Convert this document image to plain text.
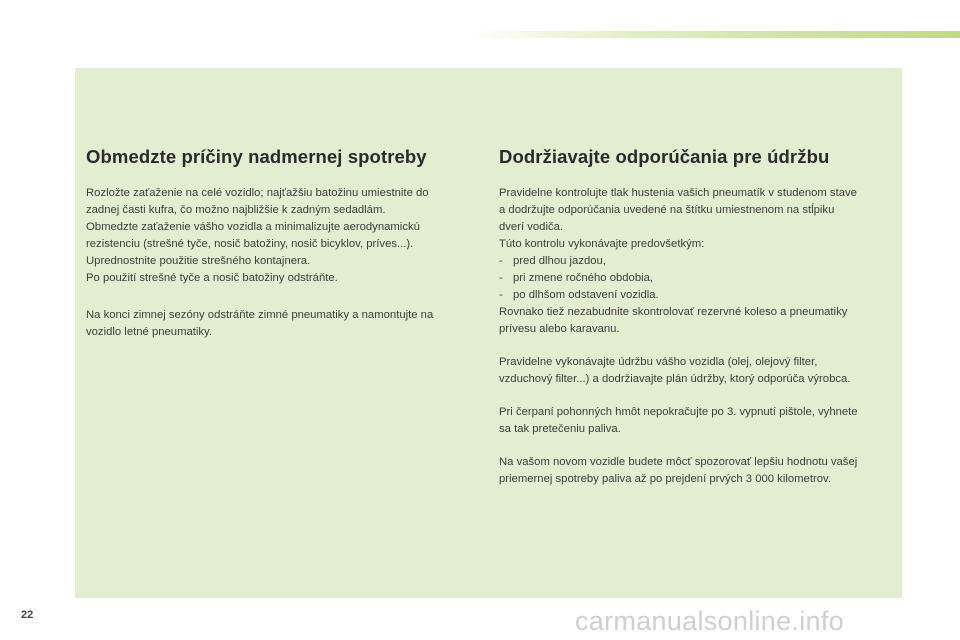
Obmedzte príčiny nadmernej spotreby

Rozložte zaťaženie na celé vozidlo; najťažšiu batožinu umiestnite do
zadnej časti kufra, čo možno najbližšie k zadným sedadlám.
Obmedzte zaťaženie vášho vozidla a minimalizujte aerodynamickú
rezistenciu (strešné tyče, nosič batožiny, nosič bicyklov, príves...).
Uprednostnite použitie strešného kontajnera.
Po použití strešné tyče a nosič batožiny odstráňte.

Na konci zimnej sezóny odstráňte zimné pneumatiky a namontujte na
vozidlo letné pneumatiky.

Dodržiavajte odporúčania pre údržbu

Pravidelne kontrolujte tlak hustenia vašich pneumatík v studenom stave
a dodržujte odporúčania uvedené na štítku umiestnenom na stĺpiku
dverí vodiča.
Túto kontrolu vykonávajte predovšetkým:
- pred dlhou jazdou,
- pri zmene ročného obdobia,
- po dlhšom odstavení vozidla.
Rovnako tiež nezabudnite skontrolovať rezervné koleso a pneumatiky
prívesu alebo karavanu.

Pravidelne vykonávajte údržbu vášho vozidla (olej, olejový filter,
vzduchový filter...) a dodržiavajte plán údržby, ktorý odporúča výrobca.

Pri čerpaní pohonných hmôt nepokračujte po 3. vypnutí pištole, vyhnete
sa tak pretečeniu paliva.

Na vašom novom vozidle budete môcť spozorovať lepšiu hodnotu vašej
priemernej spotreby paliva až po prejdení prvých 3 000 kilometrov.

22	carmanualsonline.info
